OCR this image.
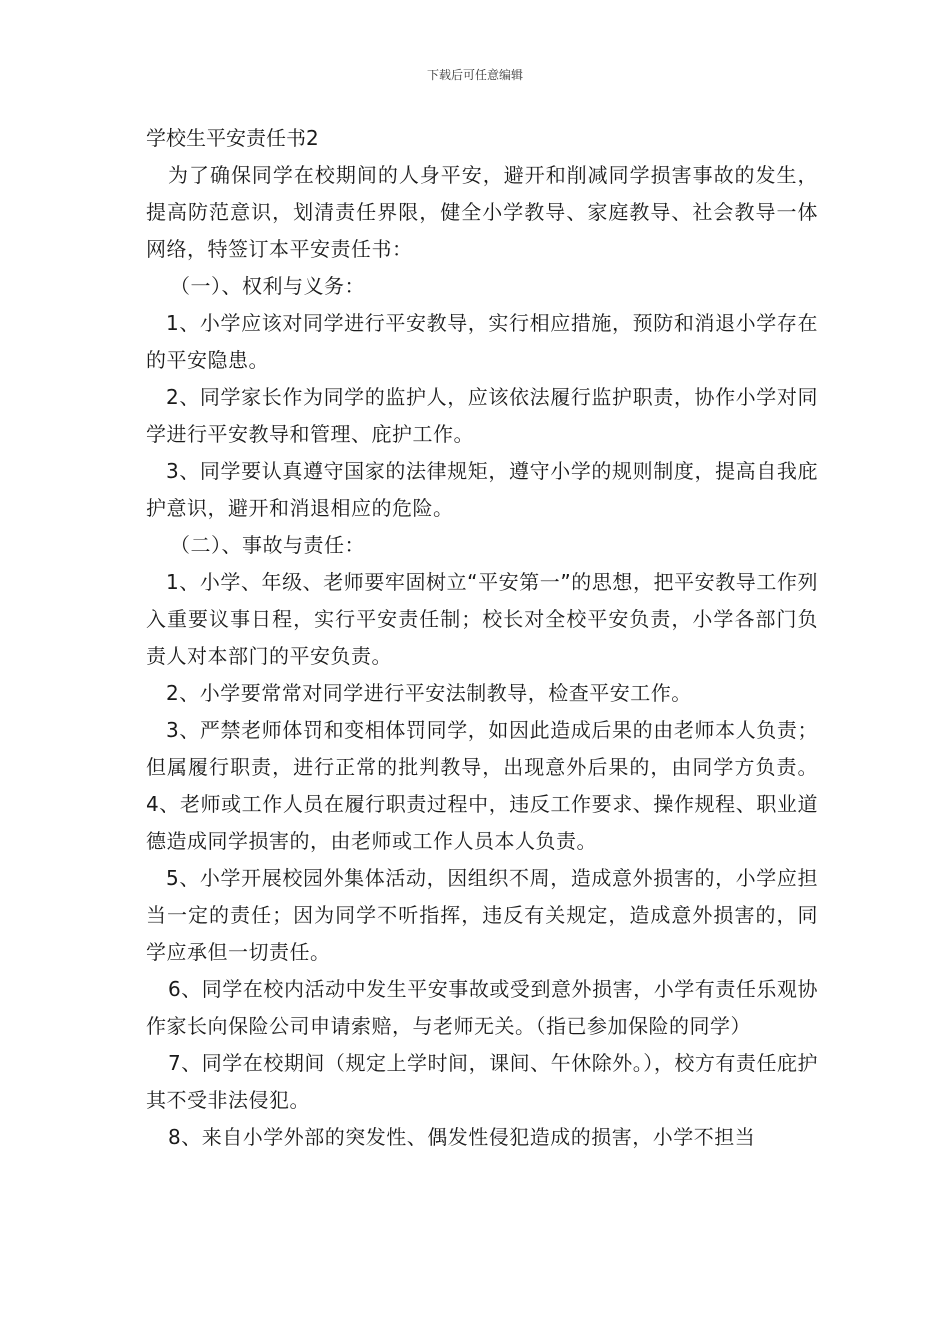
下载后可任意编辑

学校生平安责任书2

为了确保同学在校期间的人身平安，避开和削减同学损害事故的发生，提高防范意识，划清责任界限，健全小学教导、家庭教导、社会教导一体网络，特签订本平安责任书：

（一）、权利与义务：

1、小学应该对同学进行平安教导，实行相应措施，预防和消退小学存在的平安隐患。

2、同学家长作为同学的监护人，应该依法履行监护职责，协作小学对同学进行平安教导和管理、庇护工作。

3、同学要认真遵守国家的法律规矩，遵守小学的规则制度，提高自我庇护意识，避开和消退相应的危险。

（二）、事故与责任：

1、小学、年级、老师要牢固树立“平安第一”的思想，把平安教导工作列入重要议事日程，实行平安责任制；校长对全校平安负责，小学各部门负责人对本部门的平安负责。

2、小学要常常对同学进行平安法制教导，检查平安工作。

3、严禁老师体罚和变相体罚同学，如因此造成后果的由老师本人负责；但属履行职责，进行正常的批判教导，出现意外后果的，由同学方负责。4、老师或工作人员在履行职责过程中，违反工作要求、操作规程、职业道德造成同学损害的，由老师或工作人员本人负责。

5、小学开展校园外集体活动，因组织不周，造成意外损害的，小学应担当一定的责任；因为同学不听指挥，违反有关规定，造成意外损害的，同学应承但一切责任。

6、同学在校内活动中发生平安事故或受到意外损害，小学有责任乐观协作家长向保险公司申请索赔，与老师无关。（指已参加保险的同学）

7、同学在校期间（规定上学时间，课间、午休除外。），校方有责任庇护其不受非法侵犯。

8、来自小学外部的突发性、偶发性侵犯造成的损害，小学不担当
